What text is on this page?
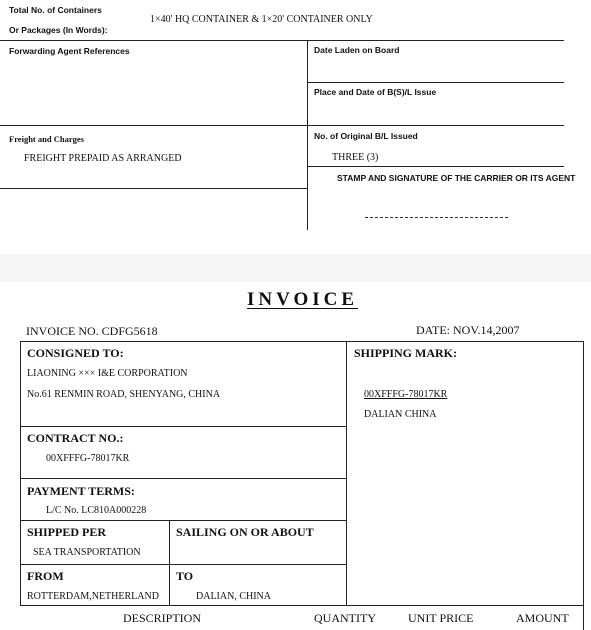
Total No. of Containers
Or Packages (In Words):
1×40' HQ CONTAINER & 1×20' CONTAINER ONLY
Forwarding Agent References	Date Laden on Board
Place and Date of B(S)/L Issue
Freight and Charges
FREIGHT PREPAID AS ARRANGED
No. of Original B/L Issued
THREE (3)
STAMP AND SIGNATURE OF THE CARRIER OR ITS AGENT
INVOICE
INVOICE NO. CDFG5618	DATE: NOV.14,2007
CONSIGNED TO:
LIAONING ××× I&E CORPORATION
No.61 RENMIN ROAD, SHENYANG, CHINA
SHIPPING MARK:
00XFFFG-78017KR
DALIAN CHINA
CONTRACT NO.:
00XFFFG-78017KR
PAYMENT TERMS:
L/C No. LC810A000228
SHIPPED PER
SEA TRANSPORTATION
SAILING ON OR ABOUT
FROM
ROTTERDAM,NETHERLAND
TO
DALIAN, CHINA
DESCRIPTION	QUANTITY	UNIT PRICE	AMOUNT
